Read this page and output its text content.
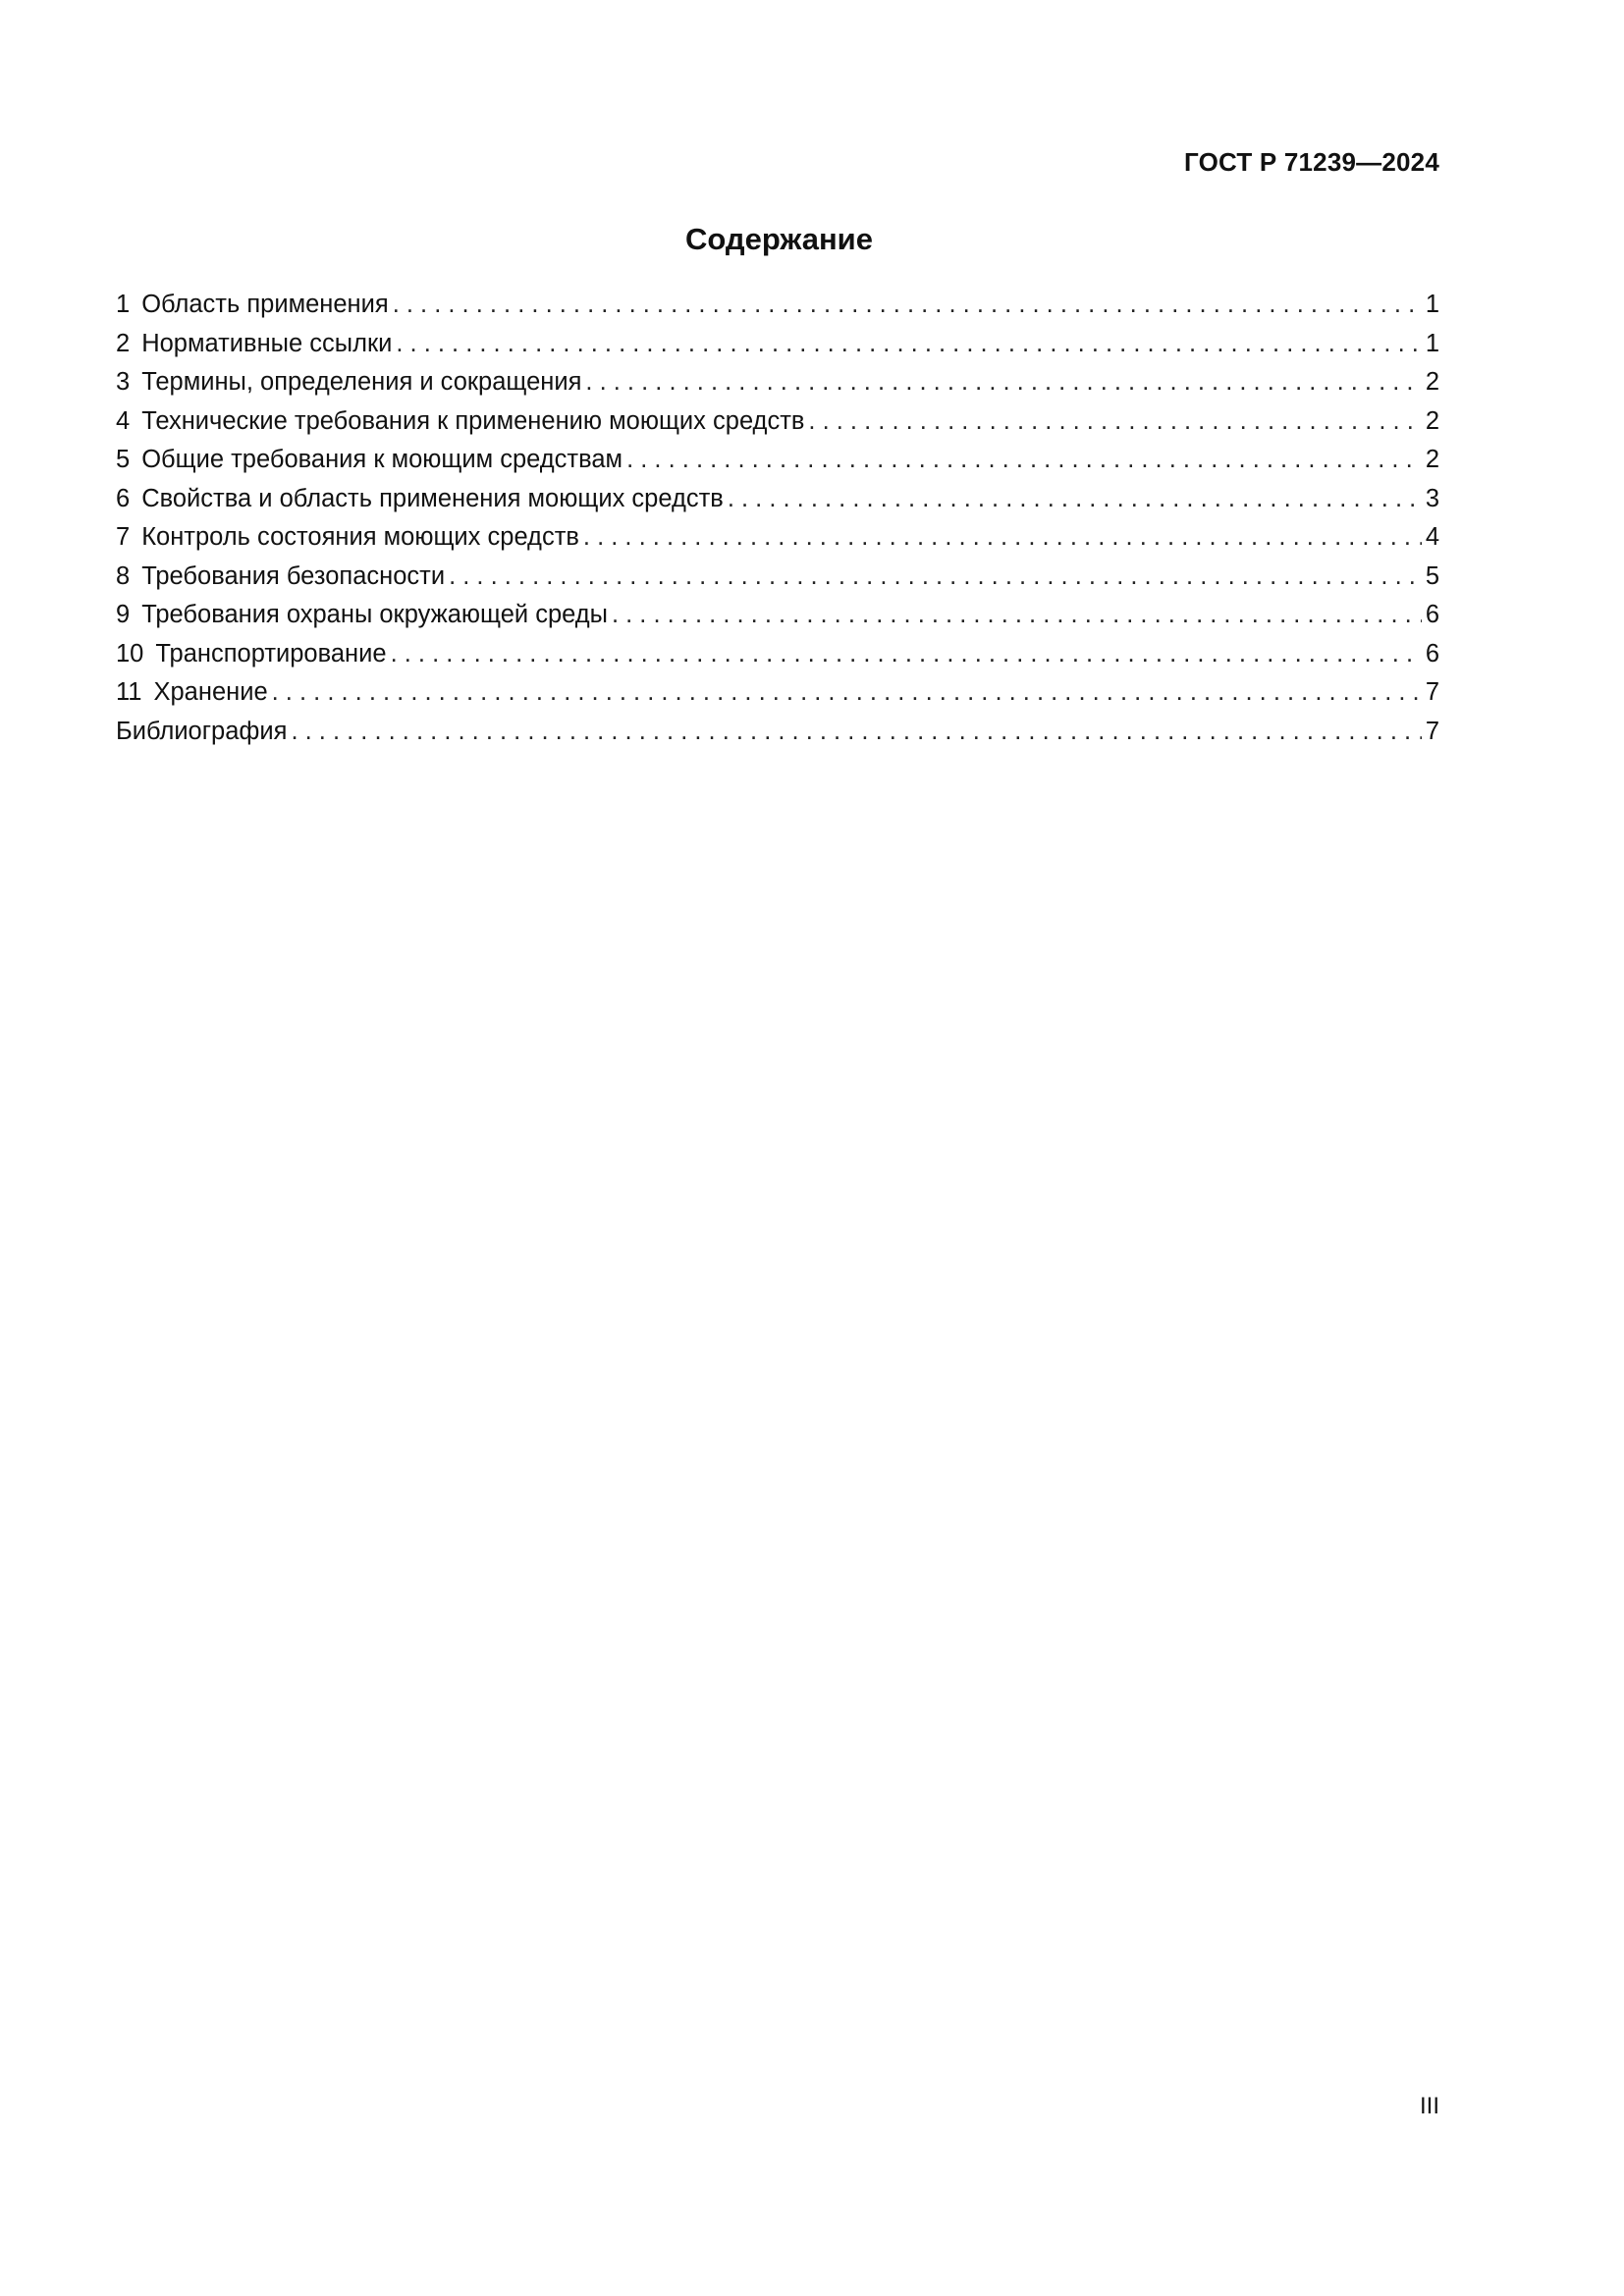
ГОСТ Р 71239—2024
Содержание
1 Область применения . . .	1
2 Нормативные ссылки . . .	1
3 Термины, определения и сокращения . . .	2
4 Технические требования к применению моющих средств . . .	2
5 Общие требования к моющим средствам . . .	2
6 Свойства и область применения моющих средств . . .	3
7 Контроль состояния моющих средств . . .	4
8 Требования безопасности . . .	5
9 Требования охраны окружающей среды . . .	6
10 Транспортирование . . .	6
11 Хранение . . .	7
Библиография . . .	7
III
